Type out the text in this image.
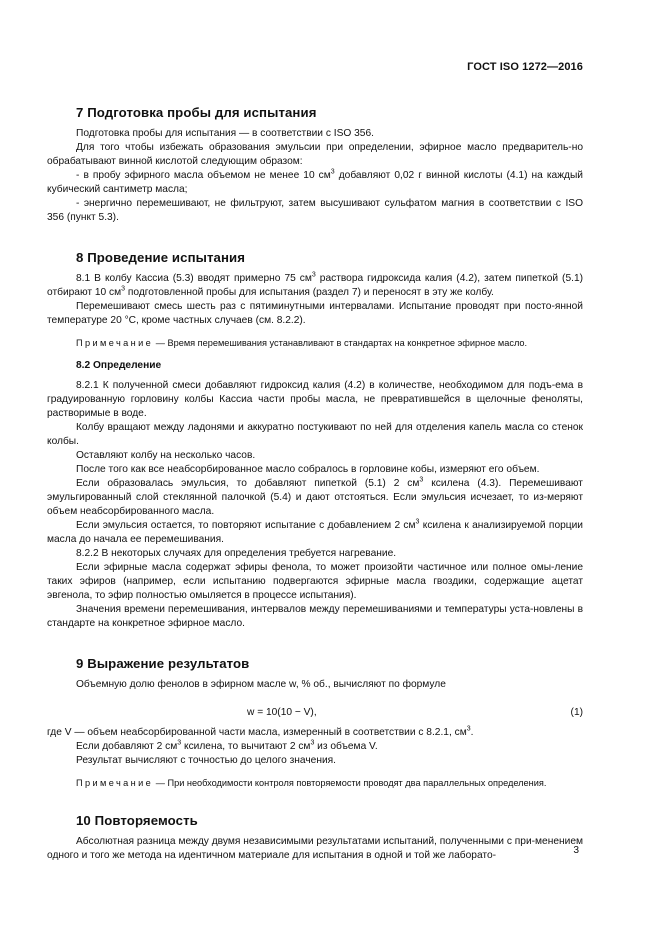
ГОСТ ISO 1272—2016
7 Подготовка пробы для испытания

Подготовка пробы для испытания — в соответствии с ISO 356.

Для того чтобы избежать образования эмульсии при определении, эфирное масло предваритель-но обрабатывают винной кислотой следующим образом:

- в пробу эфирного масла объемом не менее 10 $см^3$ добавляют 0,02 г винной кислоты (4.1) на каждый кубический сантиметр масла;

- энергично перемешивают, не фильтруют, затем высушивают сульфатом магния в соответствии с ISO 356 (пункт 5.3).

8 Проведение испытания

8.1 В колбу Кассиа (5.3) вводят примерно 75 $см^3$ раствора гидроксида калия (4.2), затем пипеткой (5.1) отбирают 10 $см^3$ подготовленной пробы для испытания (раздел 7) и переносят в эту же колбу.

Перемешивают смесь шесть раз с пятиминутными интервалами. Испытание проводят при посто-янной температуре 20 °C, кроме частных случаев (см. 8.2.2).

Примечание — Время перемешивания устанавливают в стандартах на конкретное эфирное масло.

8.2 Определение

8.2.1 К полученной смеси добавляют гидроксид калия (4.2) в количестве, необходимом для подъ-ема в градуированную горловину колбы Кассиа части пробы масла, не превратившейся в щелочные феноляты, растворимые в воде.

Колбу вращают между ладонями и аккуратно постукивают по ней для отделения капель масла со стенок колбы.

Оставляют колбу на несколько часов.

После того как все неабсорбированное масло собралось в горловине кобы, измеряют его объем.

Если образовалась эмульсия, то добавляют пипеткой (5.1) 2 $см^3$ ксилена (4.3). Перемешивают эмульгированный слой стеклянной палочкой (5.4) и дают отстояться. Если эмульсия исчезает, то из-меряют объем неабсорбированного масла.

Если эмульсия остается, то повторяют испытание с добавлением 2 $см^3$ ксилена к анализируемой порции масла до начала ее перемешивания.

8.2.2 В некоторых случаях для определения требуется нагревание.

Если эфирные масла содержат эфиры фенола, то может произойти частичное или полное омы-ление таких эфиров (например, если испытанию подвергаются эфирные масла гвоздики, содержащие ацетат эвгенола, то эфир полностью омыляется в процессе испытания).

Значения времени перемешивания, интервалов между перемешиваниями и температуры уста-новлены в стандарте на конкретное эфирное масло.

9 Выражение результатов

Объемную долю фенолов в эфирном масле w, % об., вычисляют по формуле

w = 10(10 − V),	(1)

где V — объем неабсорбированной части масла, измеренный в соответствии с 8.2.1, $см^3$.

Если добавляют 2 $см^3$ ксилена, то вычитают 2 $см^3$ из объема V.

Результат вычисляют с точностью до целого значения.

Примечание — При необходимости контроля повторяемости проводят два параллельных определения.

10 Повторяемость

Абсолютная разница между двумя независимыми результатами испытаний, полученными с при-менением одного и того же метода на идентичном материале для испытания в одной и той же лаборато-	3
